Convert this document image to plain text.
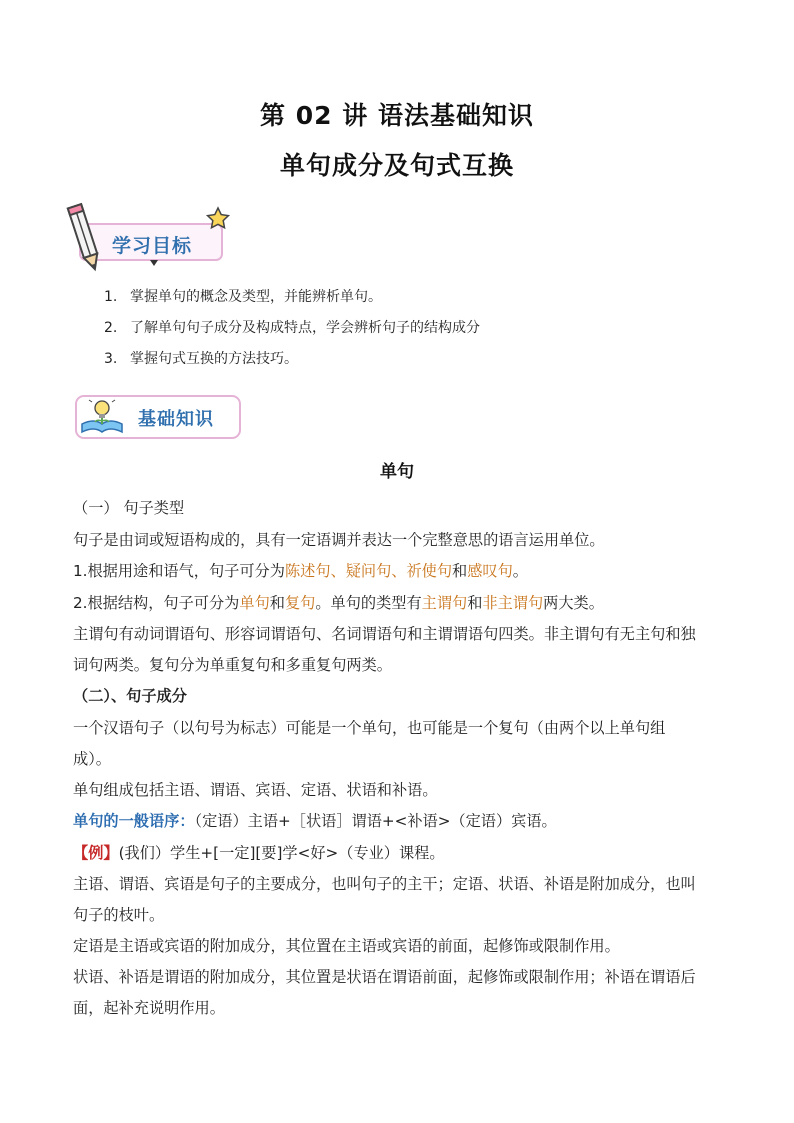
第 02 讲 语法基础知识
单句成分及句式互换
学习目标
1. 掌握单句的概念及类型，并能辨析单句。
2. 了解单句句子成分及构成特点，学会辨析句子的结构成分
3. 掌握句式互换的方法技巧。
基础知识
单句
（一） 句子类型
句子是由词或短语构成的，具有一定语调并表达一个完整意思的语言运用单位。
1.根据用途和语气，句子可分为陈述句、疑问句、祈使句和感叹句。
2.根据结构，句子可分为单句和复句。单句的类型有主谓句和非主谓句两大类。
主谓句有动词谓语句、形容词谓语句、名词谓语句和主谓谓语句四类。非主谓句有无主句和独
词句两类。复句分为单重复句和多重复句两类。
（二）、句子成分
一个汉语句子（以句号为标志）可能是一个单句，也可能是一个复句（由两个以上单句组
成）。
单句组成包括主语、谓语、宾语、定语、状语和补语。
单句的一般语序：（定语）主语+［状语］谓语+<补语>（定语）宾语。
【例】(我们）学生+[一定][要]学<好>（专业）课程。
主语、谓语、宾语是句子的主要成分，也叫句子的主干；定语、状语、补语是附加成分，也叫
句子的枝叶。
定语是主语或宾语的附加成分，其位置在主语或宾语的前面，起修饰或限制作用。
状语、补语是谓语的附加成分，其位置是状语在谓语前面，起修饰或限制作用；补语在谓语后
面，起补充说明作用。
